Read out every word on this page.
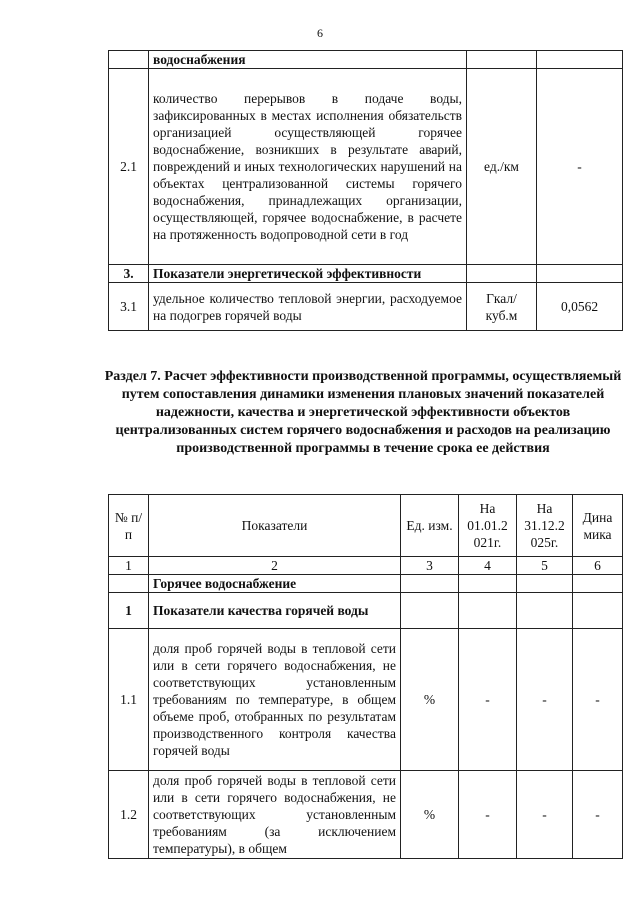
6
	водоснабжения		
2.1	количество перерывов в подаче воды, зафиксированных в местах исполнения обязательств организацией осуществляющей горячее водоснабжение, возникших в результате аварий, повреждений и иных технологических нарушений на объектах централизованной системы горячего водоснабжения, принадлежащих организации, осуществляющей, горячее водоснабжение, в расчете на протяженность водопроводной сети в год	ед./км	-
3.	Показатели энергетической эффективности		
3.1	удельное количество тепловой энергии, расходуемое на подогрев горячей воды	Гкал/ куб.м	0,0562
Раздел 7. Расчет эффективности производственной программы, осуществляемый путем сопоставления динамики изменения плановых значений показателей надежности, качества и энергетической эффективности объектов централизованных систем горячего водоснабжения и расходов на реализацию производственной программы в течение срока ее действия
№ п/п	Показатели	Ед. изм.	На 01.01.2 021г.	На 31.12.2 025г.	Дина мика
1	2	3	4	5	6
	Горячее водоснабжение				
1	Показатели качества горячей воды				
1.1	доля проб горячей воды в тепловой сети или в сети горячего водоснабжения, не соответствующих установленным требованиям по температуре, в общем объеме проб, отобранных по результатам производственного контроля качества горячей воды	%	-	-	-
1.2	доля проб горячей воды в тепловой сети или в сети горячего водоснабжения, не соответствующих установленным требованиям (за исключением температуры), в общем	%	-	-	-
